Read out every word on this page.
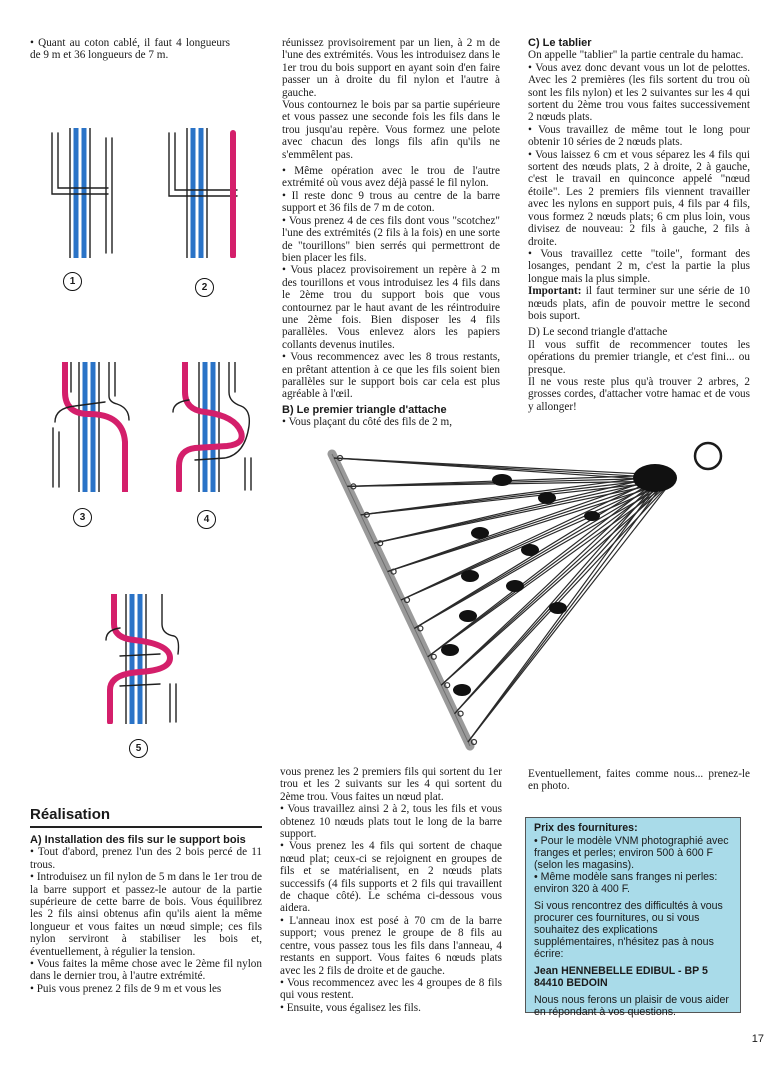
• Quant au coton cablé, il faut 4 longueurs de 9 m et 36 longueurs de 7 m.

1
2
3	4
5

réunissez provisoirement par un lien, à 2 m de l'une des extrémités. Vous les introduisez dans le 1er trou du bois support en ayant soin d'en faire passer un à droite du fil nylon et l'autre à gauche.

Vous contournez le bois par sa partie supérieure et vous passez une seconde fois les fils dans le trou jusqu'au repère. Vous formez une pelote avec chacun des longs fils afin qu'ils ne s'emmêlent pas.

• Même opération avec le trou de l'autre extrémité où vous avez déjà passé le fil nylon.

• Il reste donc 9 trous au centre de la barre support et 36 fils de 7 m de coton.

• Vous prenez 4 de ces fils dont vous "scotchez" l'une des extrémités (2 fils à la fois) en une sorte de "tourillons" bien serrés qui permettront de bien placer les fils.

• Vous placez provisoirement un repère à 2 m des tourillons et vous introduisez les 4 fils dans le 2ème trou du support bois que vous contournez par le haut avant de les réintroduire une 2ème fois. Bien disposer les 4 fils parallèles. Vous enlevez alors les papiers collants devenus inutiles.

• Vous recommencez avec les 8 trous restants, en prêtant attention à ce que les fils soient bien parallèles sur le support bois car cela est plus agréable à l'œil.

B) Le premier triangle d'attache

• Vous plaçant du côté des fils de 2 m,

C) Le tablier

On appelle "tablier" la partie centrale du hamac.

• Vous avez donc devant vous un lot de pelottes. Avec les 2 premières (les fils sortent du trou où sont les fils nylon) et les 2 suivantes sur les 4 qui sortent du 2ème trou vous faites successivement 2 nœuds plats.

• Vous travaillez de même tout le long pour obtenir 10 séries de 2 nœuds plats.

• Vous laissez 6 cm et vous séparez les 4 fils qui sortent des nœuds plats, 2 à droite, 2 à gauche, c'est le travail en quinconce appelé "nœud étoile". Les 2 premiers fils viennent travailler avec les nylons en support puis, 4 fils par 4 fils, vous formez 2 nœuds plats; 6 cm plus loin, vous divisez de nouveau: 2 fils à gauche, 2 fils à droite.

• Vous travaillez cette "toile", formant des losanges, pendant 2 m, c'est la partie la plus longue mais la plus simple.

Important: il faut terminer sur une série de 10 nœuds plats, afin de pouvoir mettre le second bois suport.

D) Le second triangle d'attache

Il vous suffit de recommencer toutes les opérations du premier triangle, et c'est fini... ou presque.

Il ne vous reste plus qu'à trouver 2 arbres, 2 grosses cordes, d'attacher votre hamac et de vous y allonger!

Réalisation

A) Installation des fils sur le support bois

• Tout d'abord, prenez l'un des 2 bois percé de 11 trous.

• Introduisez un fil nylon de 5 m dans le 1er trou de la barre support et passez-le autour de la partie supérieure de cette barre de bois. Vous équilibrez les 2 fils ainsi obtenus afin qu'ils aient la même longueur et vous faites un nœud simple; ces fils nylon serviront à stabiliser les bois et, éventuellement, à régulier la tension.

• Vous faites la même chose avec le 2ème fil nylon dans le dernier trou, à l'autre extrémité.

• Puis vous prenez 2 fils de 9 m et vous les

vous prenez les 2 premiers fils qui sortent du 1er trou et les 2 suivants sur les 4 qui sortent du 2ème trou. Vous faites un nœud plat.

• Vous travaillez ainsi 2 à 2, tous les fils et vous obtenez 10 nœuds plats tout le long de la barre support.

• Vous prenez les 4 fils qui sortent de chaque nœud plat; ceux-ci se rejoignent en groupes de fils et se matérialisent, en 2 nœuds plats successifs (4 fils supports et 2 fils qui travaillent de chaque côté). Le schéma ci-dessous vous aidera.

• L'anneau inox est posé à 70 cm de la barre support; vous prenez le groupe de 8 fils au centre, vous passez tous les fils dans l'anneau, 4 restants en support. Vous faites 6 nœuds plats avec les 2 fils de droite et de gauche.

• Vous recommencez avec les 4 groupes de 8 fils qui vous restent.

• Ensuite, vous égalisez les fils.

Eventuellement, faites comme nous... prenez-le en photo.

Prix des fournitures:

• Pour le modèle VNM photographié avec franges et perles; environ 500 à 600 F (selon les magasins).

• Même modèle sans franges ni perles: environ 320 à 400 F.

Si vous rencontrez des difficultés à vous procurer ces fournitures, ou si vous souhaitez des explications supplémentaires, n'hésitez pas à nous écrire:

Jean HENNEBELLE EDIBUL - BP 5
84410 BEDOIN

Nous nous ferons un plaisir de vous aider en répondant à vos questions.

17
